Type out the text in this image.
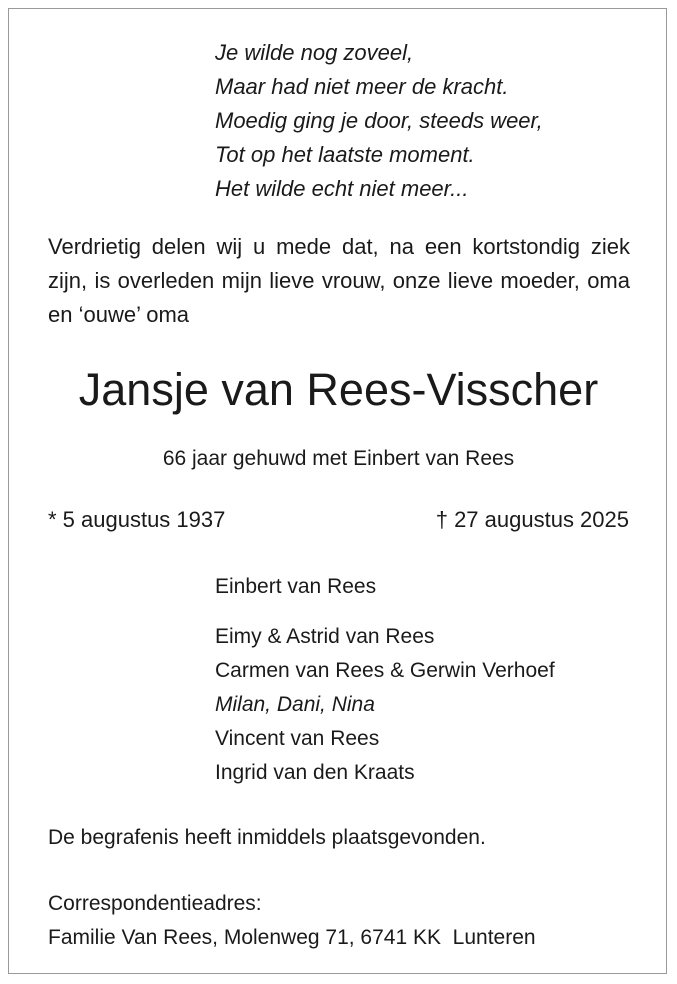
Je wilde nog zoveel,
Maar had niet meer de kracht.
Moedig ging je door, steeds weer,
Tot op het laatste moment.
Het wilde echt niet meer...
Verdrietig delen wij u mede dat, na een kortstondig ziek zijn, is overleden mijn lieve vrouw, onze lieve moeder, oma en ‘ouwe’ oma
Jansje van Rees-Visscher
66 jaar gehuwd met Einbert van Rees
* 5 augustus 1937	† 27 augustus 2025
Einbert van Rees
Eimy & Astrid van Rees
Carmen van Rees & Gerwin Verhoef
Milan, Dani, Nina
Vincent van Rees
Ingrid van den Kraats
De begrafenis heeft inmiddels plaatsgevonden.
Correspondentieadres:
Familie Van Rees, Molenweg 71, 6741 KK  Lunteren
